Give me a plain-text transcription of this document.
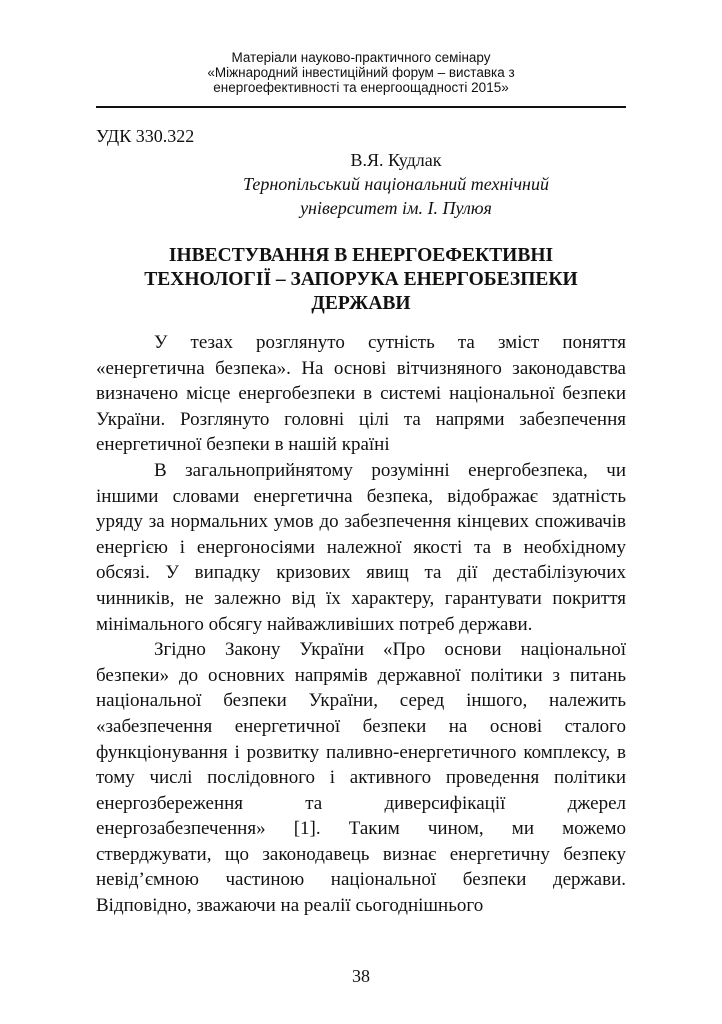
Матеріали науково-практичного семінару
«Міжнародний інвестиційний форум – виставка з
енергоефективності та енергоощадності 2015»
УДК 330.322
В.Я. Кудлак
Тернопільський національний технічний
університет ім. І. Пулюя
ІНВЕСТУВАННЯ В ЕНЕРГОЕФЕКТИВНІ
ТЕХНОЛОГІЇ – ЗАПОРУКА ЕНЕРГОБЕЗПЕКИ
ДЕРЖАВИ

У тезах розглянуто сутність та зміст поняття «енергетична безпека». На основі вітчизняного законодавства визначено місце енергобезпеки в системі національної безпеки України. Розглянуто головні цілі та напрями забезпечення енергетичної безпеки в нашій країні

В загальноприйнятому розумінні енергобезпека, чи іншими словами енергетична безпека, відображає здатність уряду за нормальних умов до забезпечення кінцевих споживачів енергією і енергоносіями належної якості та в необхідному обсязі. У випадку кризових явищ та дії дестабілізуючих чинників, не залежно від їх характеру, гарантувати покриття мінімального обсягу найважливіших потреб держави.

Згідно Закону України «Про основи національної безпеки» до основних напрямів державної політики з питань національної безпеки України, серед іншого, належить «забезпечення енергетичної безпеки на основі сталого функціонування і розвитку паливно-енергетичного комплексу, в тому числі послідовного і активного проведення політики енергозбереження та диверсифікації джерел енергозабезпечення» [1]. Таким чином, ми можемо стверджувати, що законодавець визнає енергетичну безпеку невід’ємною частиною національної безпеки держави. Відповідно, зважаючи на реалії сьогоднішнього

38
